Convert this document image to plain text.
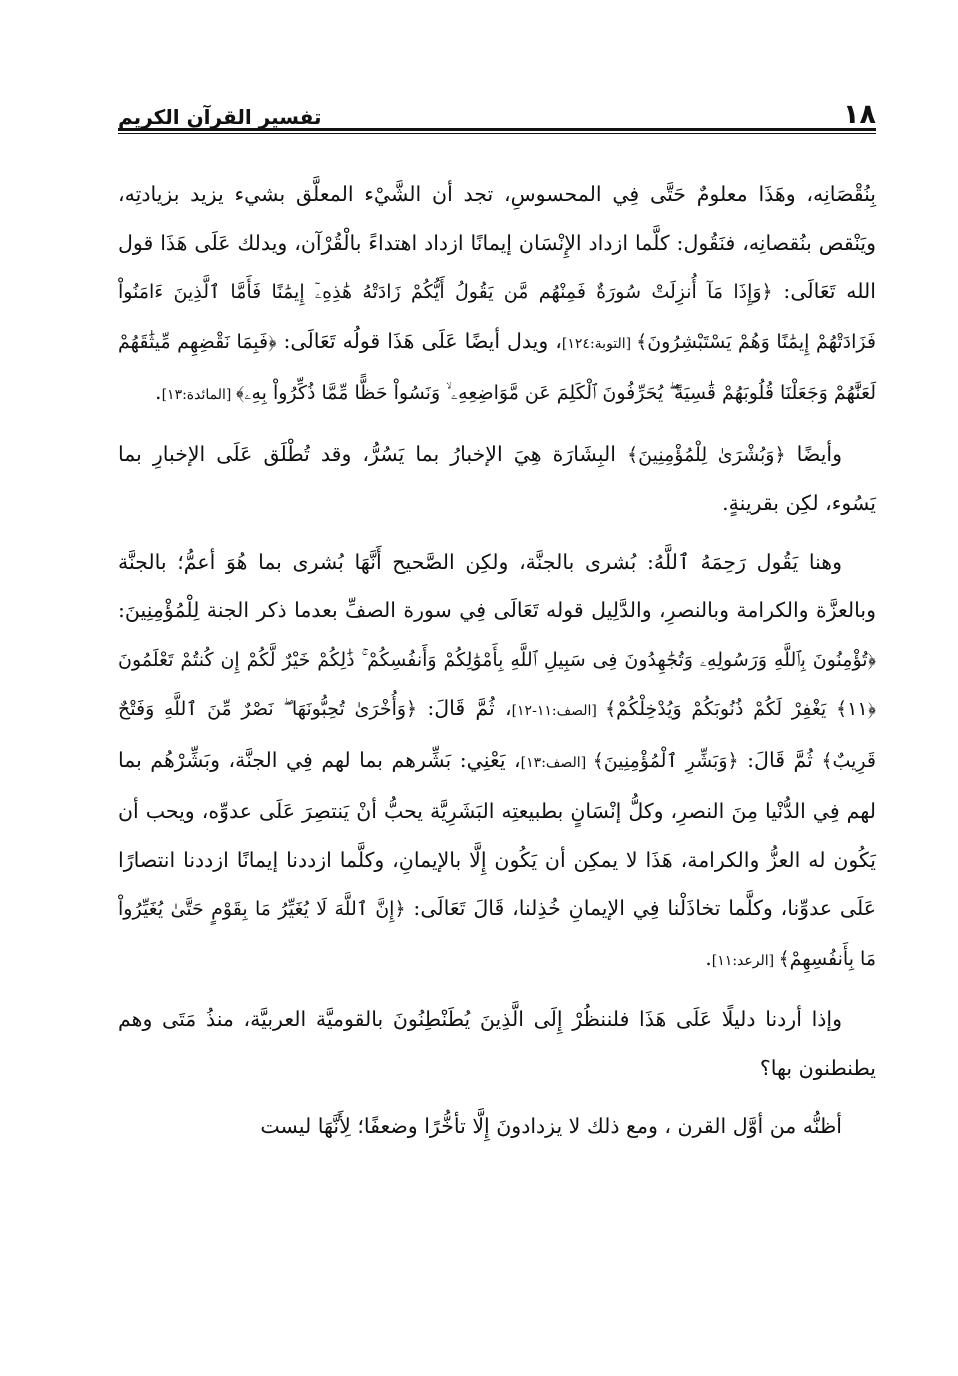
١٨
تفسير القرآن الكريم

بِنُقْصَانِه، وهَذَا معلومٌ حَتَّى فِي المحسوسِ، تجد أن الشَّيْء المعلَّق بشيء يزيد بزيادتِه، ويَنْقص بنُقصانِه، فنَقُول: كلَّما ازداد الإِنْسَان إيمانًا ازداد اهتداءً بالْقُرْآن، ويدلك عَلَى هَذَا قول الله تَعَالَى: ﴿وَإِذَا مَآ أُنزِلَتْ سُورَةٌ فَمِنْهُم مَّن يَقُولُ أَيُّكُمْ زَادَتْهُ هَٰذِهِۦٓ إِيمَٰنًا فَأَمَّا ٱلَّذِينَ ءَامَنُواْ فَزَادَتْهُمْ إِيمَٰنًا وَهُمْ يَسْتَبْشِرُونَ﴾ [التوبة:١٢٤]، ويدل أيضًا عَلَى هَذَا قولُه تَعَالَى: ﴿فَبِمَا نَقْضِهِم مِّيثَٰقَهُمْ لَعَنَّٰهُمْ وَجَعَلْنَا قُلُوبَهُمْ قَٰسِيَةً ۖ يُحَرِّفُونَ ٱلْكَلِمَ عَن مَّوَاضِعِهِۦ ۙ وَنَسُواْ حَظًّا مِّمَّا ذُكِّرُواْ بِهِۦ﴾ [المائدة:١٣].

وأيضًا ﴿وَبُشْرَىٰ لِلْمُؤْمِنِينَ﴾ البِشَارَة هِيَ الإخبارُ بما يَسُرُّ، وقد تُطْلَق عَلَى الإخبارِ بما يَسُوء، لكِن بقرينةٍ.

وهنا يَقُول رَحِمَهُ ٱللَّهُ: بُشرى بالجنَّة، ولكِن الصَّحيح أَنَّهَا بُشرى بما هُوَ أعمُّ؛ بالجنَّة وبالعزَّة والكرامة وبالنصرِ، والدَّلِيل قوله تَعَالَى فِي سورة الصفِّ بعدما ذكر الجنة لِلْمُؤْمِنِينَ: ﴿تُؤْمِنُونَ بِٱللَّهِ وَرَسُولِهِۦ وَتُجَٰهِدُونَ فِى سَبِيلِ ٱللَّهِ بِأَمْوَٰلِكُمْ وَأَنفُسِكُمْ ۚ ذَٰلِكُمْ خَيْرٌ لَّكُمْ إِن كُنتُمْ تَعْلَمُونَ ﴿١١﴾ يَغْفِرْ لَكُمْ ذُنُوبَكُمْ وَيُدْخِلْكُمْ﴾ [الصف:١١-١٢]، ثُمَّ قَالَ: ﴿وَأُخْرَىٰ تُحِبُّونَهَا ۖ نَصْرٌ مِّنَ ٱللَّهِ وَفَتْحٌ قَرِيبٌ﴾ ثُمَّ قَالَ: ﴿وَبَشِّرِ ٱلْمُؤْمِنِينَ﴾ [الصف:١٣]، يَعْنِي: بَشِّرهم بما لهم فِي الجنَّة، وبَشِّرْهُم بما لهم فِي الدُّنْيا مِنَ النصرِ، وكلُّ إنْسَانٍ بطبيعتِه البَشَرِيَّة يحبُّ أنْ يَنتصِرَ عَلَى عدوِّه، ويحب أن يَكُون له العزُّ والكرامة، هَذَا لا يمكِن أن يَكُون إِلَّا بالإيمانِ، وكلَّما ازددنا إيمانًا ازددنا انتصارًا عَلَى عدوِّنا، وكلَّما تخاذَلْنا فِي الإيمانِ خُذِلنا، قَالَ تَعَالَى: ﴿إِنَّ ٱللَّهَ لَا يُغَيِّرُ مَا بِقَوْمٍ حَتَّىٰ يُغَيِّرُواْ مَا بِأَنفُسِهِمْ﴾ [الرعد:١١].

وإذا أردنا دليلًا عَلَى هَذَا فلننظُرْ إِلَى الَّذِينَ يُطَنْطِنُونَ بالقوميَّة العربيَّة، منذُ مَتَى وهم يطنطنون بها؟

أظنُّه من أوَّل القرن ، ومع ذلك لا يزدادونَ إِلَّا تأخُّرًا وضعفًا؛ لِأَنَّهَا ليست
